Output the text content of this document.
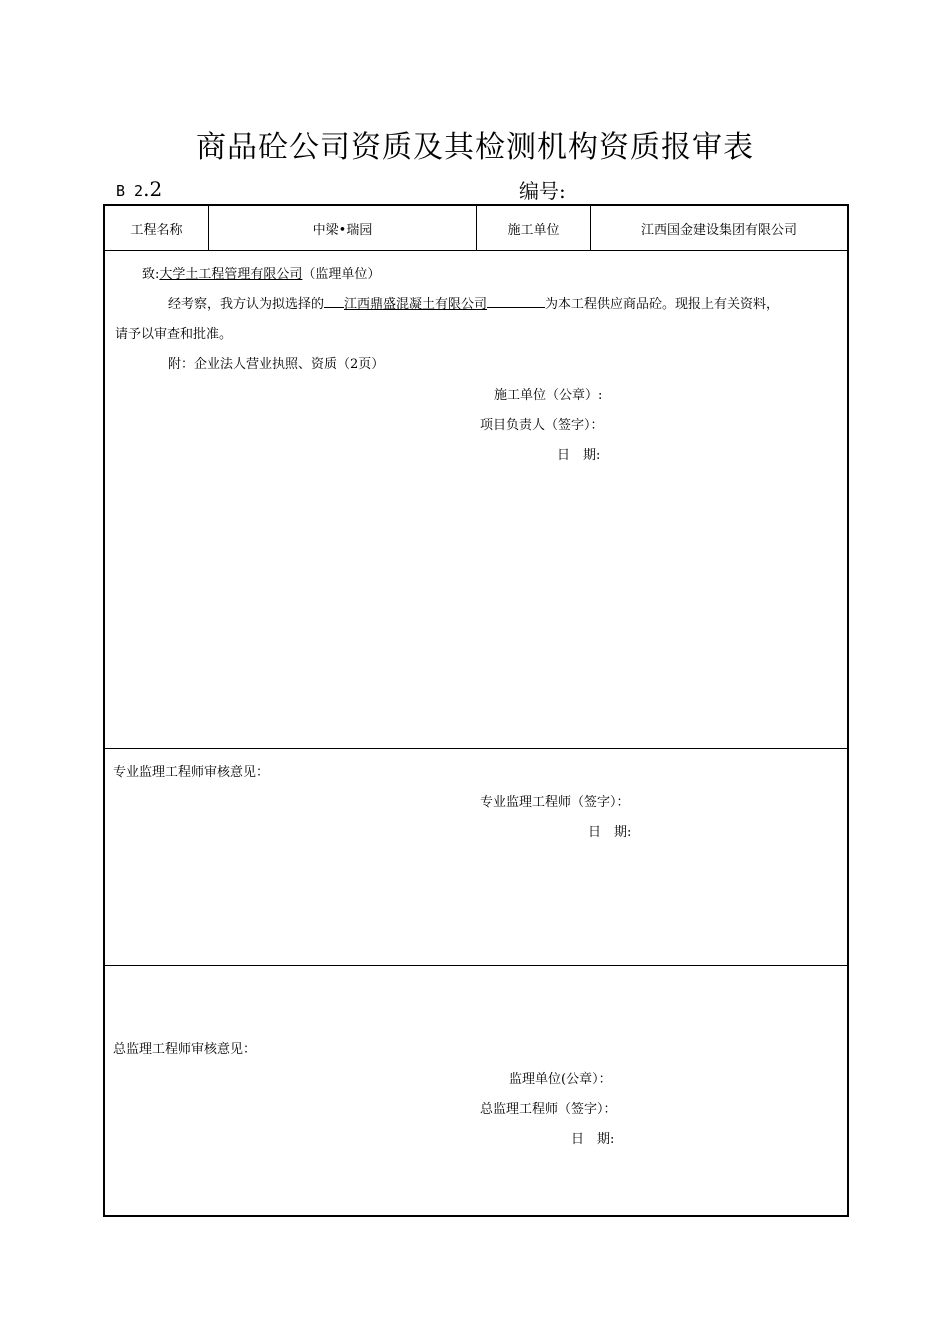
商品砼公司资质及其检测机构资质报审表
B 2.2	编号:
工程名称	中梁•瑞园	施工单位	江西国金建设集团有限公司
致:大学土工程管理有限公司（监理单位）
经考察，我方认为拟选择的 江西鼎盛混凝土有限公司	为本工程供应商品砼。现报上有关资料，
请予以审查和批准。
附：企业法人营业执照、资质（2页）
施工单位（公章）:
项目负责人（签字）：
日　期:
专业监理工程师审核意见：
专业监理工程师（签字）：
日　期:
总监理工程师审核意见：
监理单位(公章）：
总监理工程师（签字）：
日　期:
